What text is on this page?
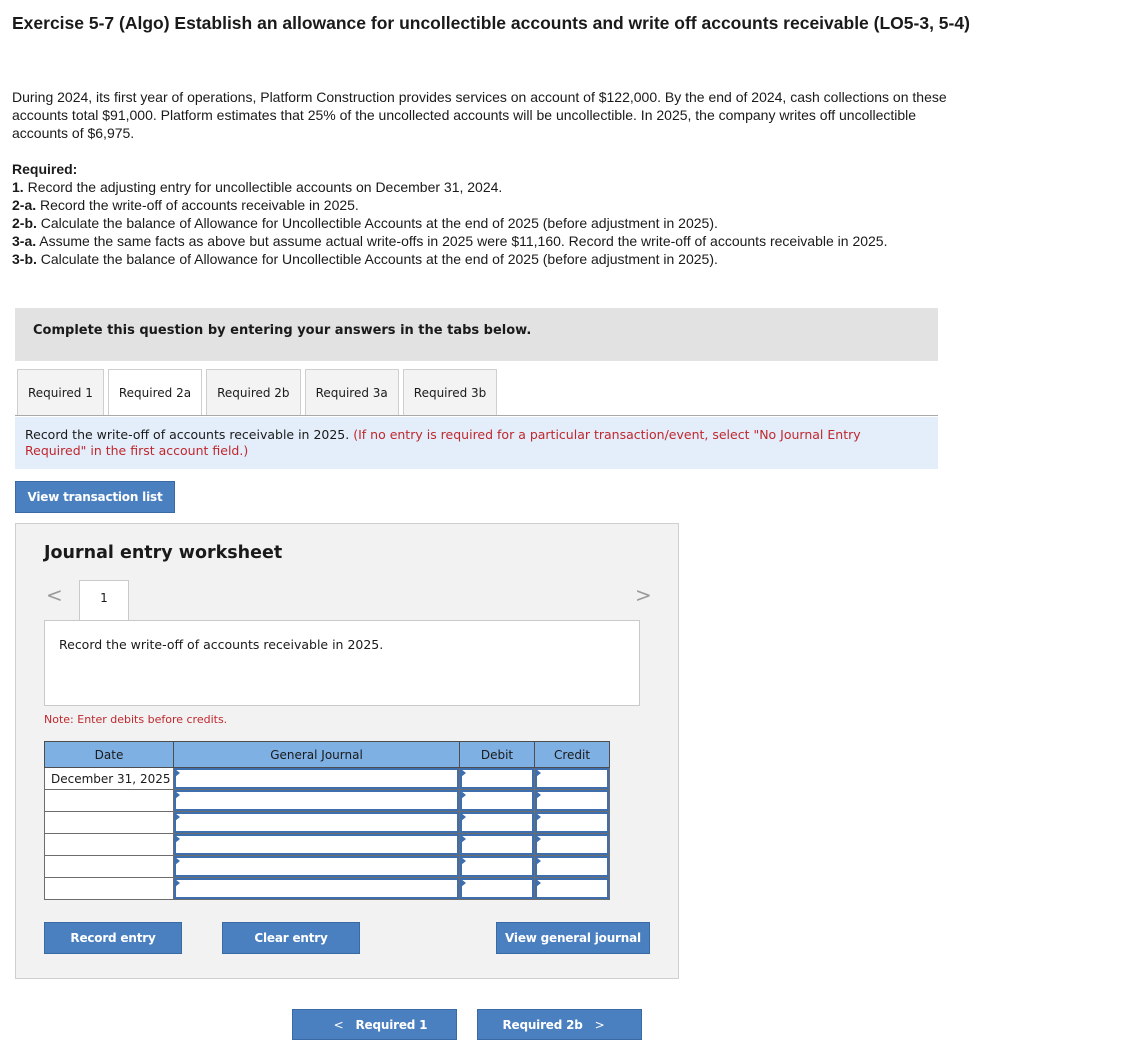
Exercise 5-7 (Algo) Establish an allowance for uncollectible accounts and write off accounts receivable (LO5-3, 5-4)

During 2024, its first year of operations, Platform Construction provides services on account of $122,000. By the end of 2024, cash collections on these accounts total $91,000. Platform estimates that 25% of the uncollected accounts will be uncollectible. In 2025, the company writes off uncollectible accounts of $6,975.

Required:
1. Record the adjusting entry for uncollectible accounts on December 31, 2024.
2-a. Record the write-off of accounts receivable in 2025.
2-b. Calculate the balance of Allowance for Uncollectible Accounts at the end of 2025 (before adjustment in 2025).
3-a. Assume the same facts as above but assume actual write-offs in 2025 were $11,160. Record the write-off of accounts receivable in 2025.
3-b. Calculate the balance of Allowance for Uncollectible Accounts at the end of 2025 (before adjustment in 2025).
Complete this question by entering your answers in the tabs below.
Required 1	Required 2a	Required 2b	Required 3a	Required 3b
Record the write-off of accounts receivable in 2025. (If no entry is required for a particular transaction/event, select "No Journal Entry Required" in the first account field.)
View transaction list
Journal entry worksheet
<	1	>
Record the write-off of accounts receivable in 2025.
Note: Enter debits before credits.
Date	General Journal	Debit	Credit
December 31, 2025	

Record entry	Clear entry	View general journal
< Required 1	Required 2b >
